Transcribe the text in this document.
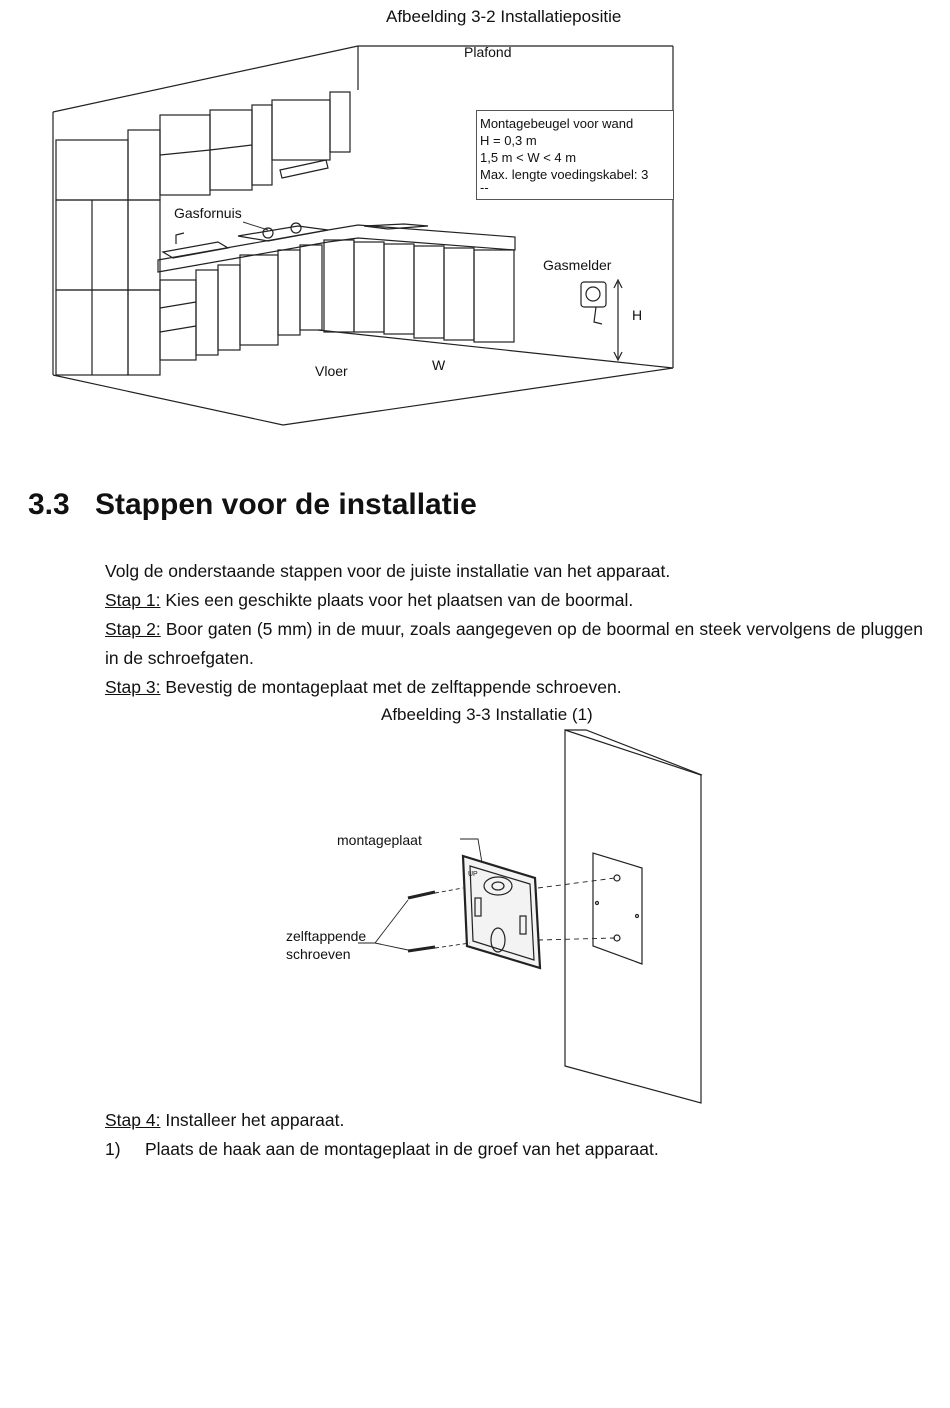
Afbeelding 3-2 Installatiepositie
Plafond
Gasfornuis
Gasmelder
Vloer	W
H
Montagebeugel voor wand
H = 0,3 m
1,5 m < W < 4 m
Max. lengte voedingskabel: 3
--
3.3 Stappen voor de installatie
Volg de onderstaande stappen voor de juiste installatie van het apparaat.
Stap 1: Kies een geschikte plaats voor het plaatsen van de boormal.
Stap 2: Boor gaten (5 mm) in de muur, zoals aangegeven op de boormal en steek vervolgens de pluggen in de schroefgaten.
Stap 3: Bevestig de montageplaat met de zelftappende schroeven.
Afbeelding 3-3 Installatie (1)
UP
montageplaat
zelftappende
schroeven
Stap 4: Installeer het apparaat.
1) Plaats de haak aan de montageplaat in de groef van het apparaat.
